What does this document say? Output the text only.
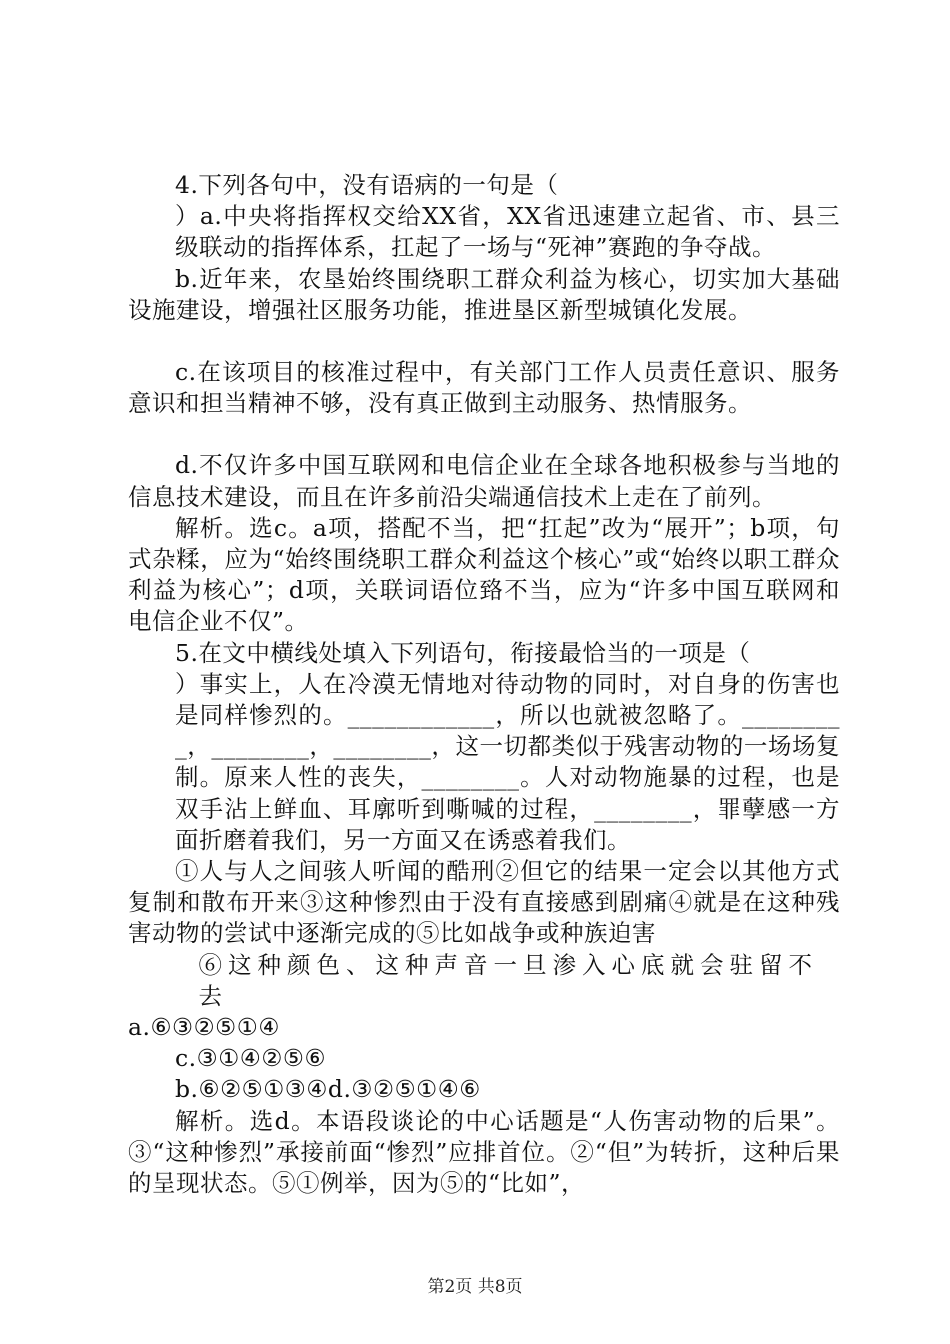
4.下列各句中，没有语病的一句是（

）a.中央将指挥权交给XX省，XX省迅速建立起省、市、县三级联动的指挥体系，扛起了一场与“死神”赛跑的争夺战。

b.近年来，农垦始终围绕职工群众利益为核心，切实加大基础设施建设，增强社区服务功能，推进垦区新型城镇化发展。

c.在该项目的核准过程中，有关部门工作人员责任意识、服务意识和担当精神不够，没有真正做到主动服务、热情服务。

d.不仅许多中国互联网和电信企业在全球各地积极参与当地的信息技术建设，而且在许多前沿尖端通信技术上走在了前列。

解析。选c。a项，搭配不当，把“扛起”改为“展开”；b项，句式杂糅，应为“始终围绕职工群众利益这个核心”或“始终以职工群众利益为核心”；d项，关联词语位臵不当，应为“许多中国互联网和电信企业不仅”。

5.在文中横线处填入下列语句，衔接最恰当的一项是（

）事实上，人在冷漠无情地对待动物的同时，对自身的伤害也是同样惨烈的。____________，所以也就被忽略了。_________，________，________，这一切都类似于残害动物的一场场复制。原来人性的丧失，________。人对动物施暴的过程，也是双手沾上鲜血、耳廓听到嘶喊的过程，________，罪孽感一方面折磨着我们，另一方面又在诱惑着我们。

①人与人之间骇人听闻的酷刑②但它的结果一定会以其他方式复制和散布开来③这种惨烈由于没有直接感到剧痛④就是在这种残害动物的尝试中逐渐完成的⑤比如战争或种族迫害

⑥这种颜色、这种声音一旦渗入心底就会驻留不去

a.⑥③②⑤①④

c.③①④②⑤⑥

b.⑥②⑤①③④d.③②⑤①④⑥

解析。选d。本语段谈论的中心话题是“人伤害动物的后果”。③“这种惨烈”承接前面“惨烈”应排首位。②“但”为转折，这种后果的呈现状态。⑤①例举，因为⑤的“比如”，

第2页 共8页
